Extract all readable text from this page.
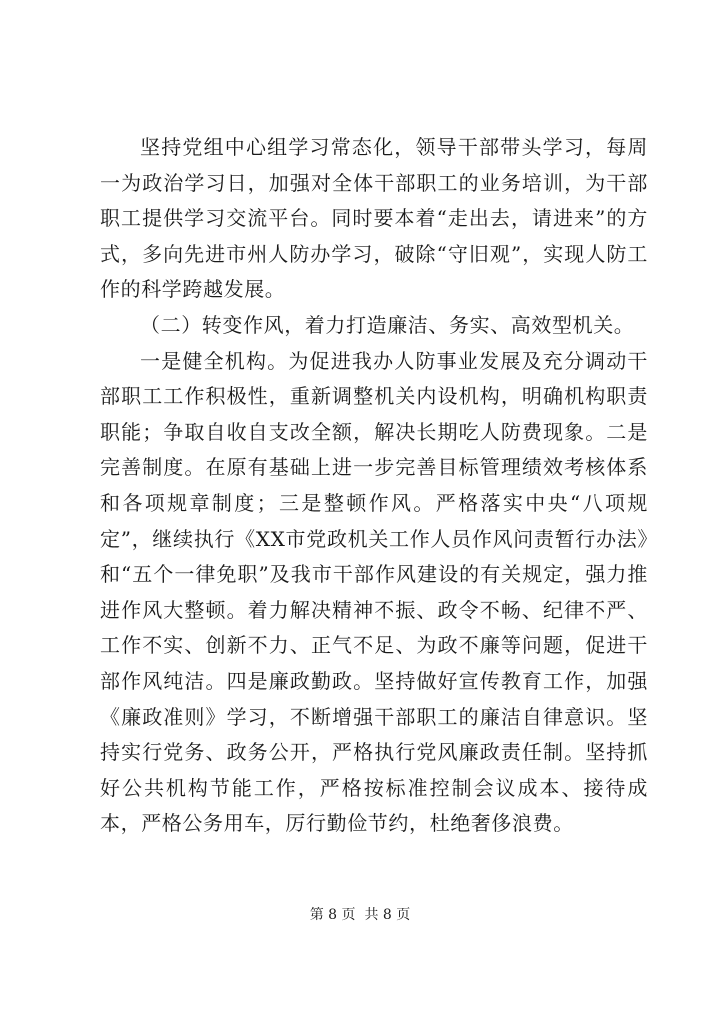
坚持党组中心组学习常态化，领导干部带头学习，每周一为政治学习日，加强对全体干部职工的业务培训，为干部职工提供学习交流平台。同时要本着“走出去，请进来”的方式，多向先进市州人防办学习，破除“守旧观”，实现人防工作的科学跨越发展。

（二）转变作风，着力打造廉洁、务实、高效型机关。

一是健全机构。为促进我办人防事业发展及充分调动干部职工工作积极性，重新调整机关内设机构，明确机构职责职能；争取自收自支改全额，解决长期吃人防费现象。二是完善制度。在原有基础上进一步完善目标管理绩效考核体系和各项规章制度；三是整顿作风。严格落实中央“八项规定”，继续执行《XX市党政机关工作人员作风问责暂行办法》和“五个一律免职”及我市干部作风建设的有关规定，强力推进作风大整顿。着力解决精神不振、政令不畅、纪律不严、工作不实、创新不力、正气不足、为政不廉等问题，促进干部作风纯洁。四是廉政勤政。坚持做好宣传教育工作，加强《廉政准则》学习，不断增强干部职工的廉洁自律意识。坚持实行党务、政务公开，严格执行党风廉政责任制。坚持抓好公共机构节能工作，严格按标准控制会议成本、接待成本，严格公务用车，厉行勤俭节约，杜绝奢侈浪费。

第 8 页  共 8 页
